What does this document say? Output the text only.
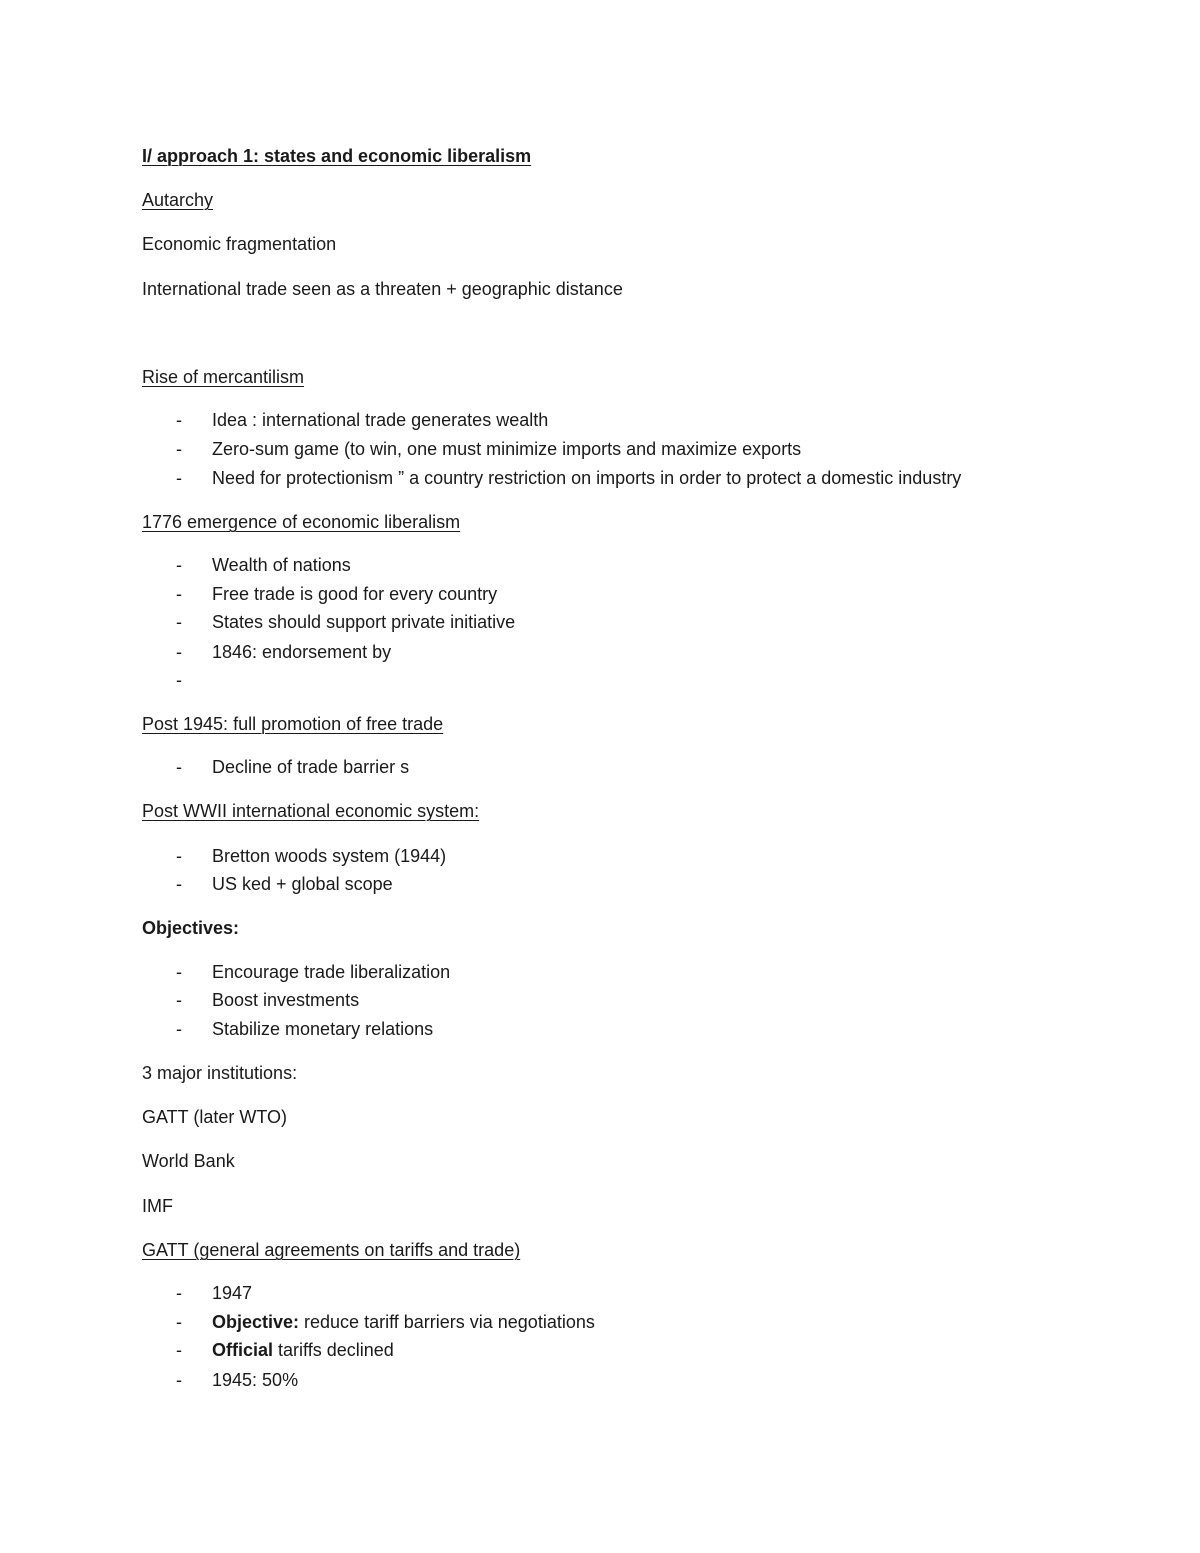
I/ approach 1: states and economic liberalism
Autarchy
Economic fragmentation
International trade seen as a threaten + geographic distance
Rise of mercantilism
- Idea : international trade generates wealth
- Zero-sum game (to win, one must minimize imports and maximize exports
- Need for protectionism ” a country restriction on imports in order to protect a domestic industry
1776 emergence of economic liberalism
- Wealth of nations
- Free trade is good for every country
- States should support private initiative
- 1846: endorsement by
-
Post 1945: full promotion of free trade
- Decline of trade barrier s
Post WWII international economic system:
- Bretton woods system (1944)
- US ked + global scope
Objectives:
- Encourage trade liberalization
- Boost investments
- Stabilize monetary relations
3 major institutions:
GATT (later WTO)
World Bank
IMF
GATT (general agreements on tariffs and trade)
- 1947
- Objective: reduce tariff barriers via negotiations
- Official tariffs declined
- 1945: 50%
